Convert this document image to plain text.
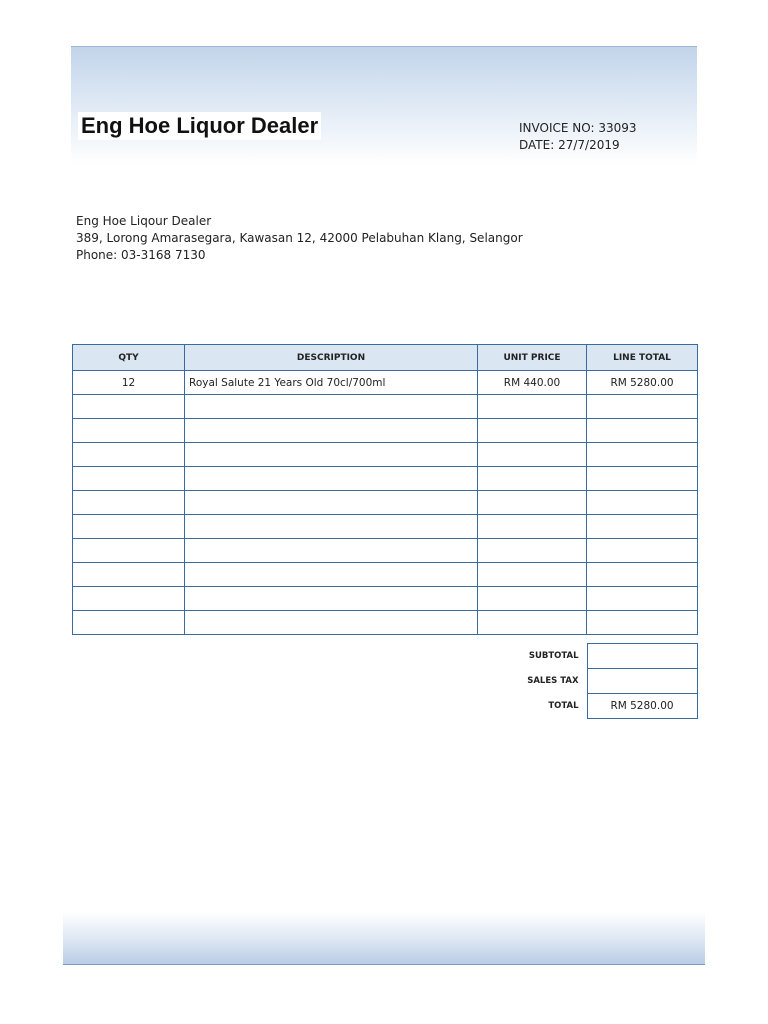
Eng Hoe Liquor Dealer	INVOICE NO: 33093
DATE: 27/7/2019
Eng Hoe Liqour Dealer
389, Lorong Amarasegara, Kawasan 12, 42000 Pelabuhan Klang, Selangor
Phone: 03-3168 7130
QTY	DESCRIPTION	UNIT PRICE	LINE TOTAL
12	Royal Salute 21 Years Old 70cl/700ml	RM 440.00	RM 5280.00

SUBTOTAL	
SALES TAX	
TOTAL	RM 5280.00
